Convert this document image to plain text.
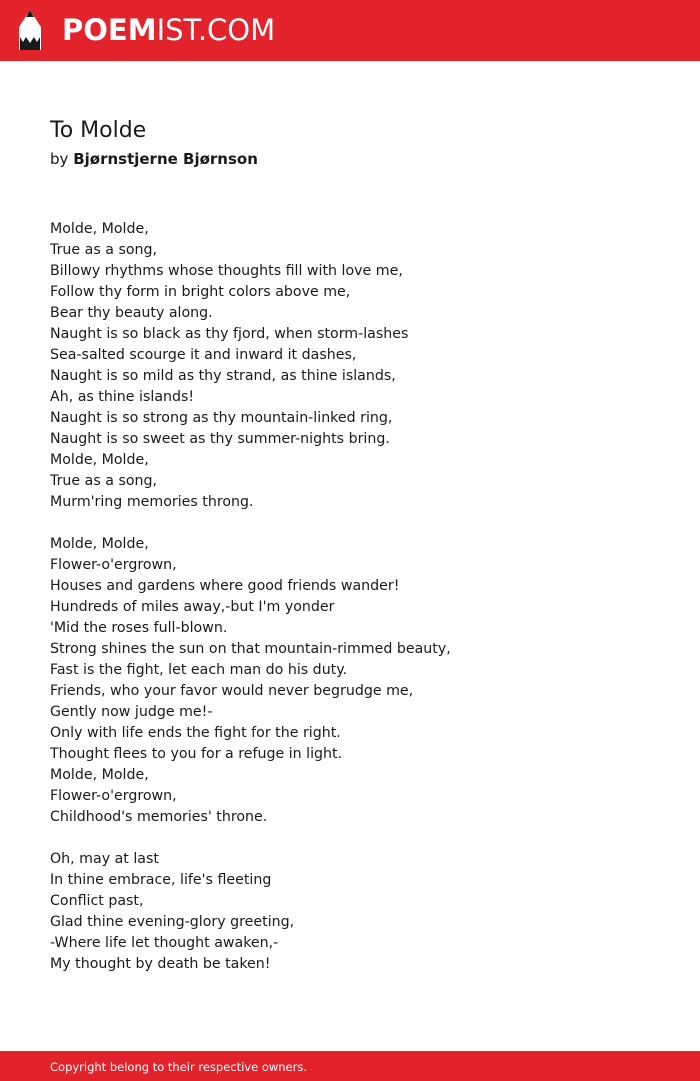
POEMIST.COM
To Molde
by Bjørnstjerne Bjørnson
Molde, Molde,
True as a song,
Billowy rhythms whose thoughts fill with love me,
Follow thy form in bright colors above me,
Bear thy beauty along.
Naught is so black as thy fjord, when storm-lashes
Sea-salted scourge it and inward it dashes,
Naught is so mild as thy strand, as thine islands,
Ah, as thine islands!
Naught is so strong as thy mountain-linked ring,
Naught is so sweet as thy summer-nights bring.
Molde, Molde,
True as a song,
Murm'ring memories throng.
Molde, Molde,
Flower-o'ergrown,
Houses and gardens where good friends wander!
Hundreds of miles away,-but I'm yonder
'Mid the roses full-blown.
Strong shines the sun on that mountain-rimmed beauty,
Fast is the fight, let each man do his duty.
Friends, who your favor would never begrudge me,
Gently now judge me!-
Only with life ends the fight for the right.
Thought flees to you for a refuge in light.
Molde, Molde,
Flower-o'ergrown,
Childhood's memories' throne.
Oh, may at last
In thine embrace, life's fleeting
Conflict past,
Glad thine evening-glory greeting,
-Where life let thought awaken,-
My thought by death be taken!
Copyright belong to their respective owners.
